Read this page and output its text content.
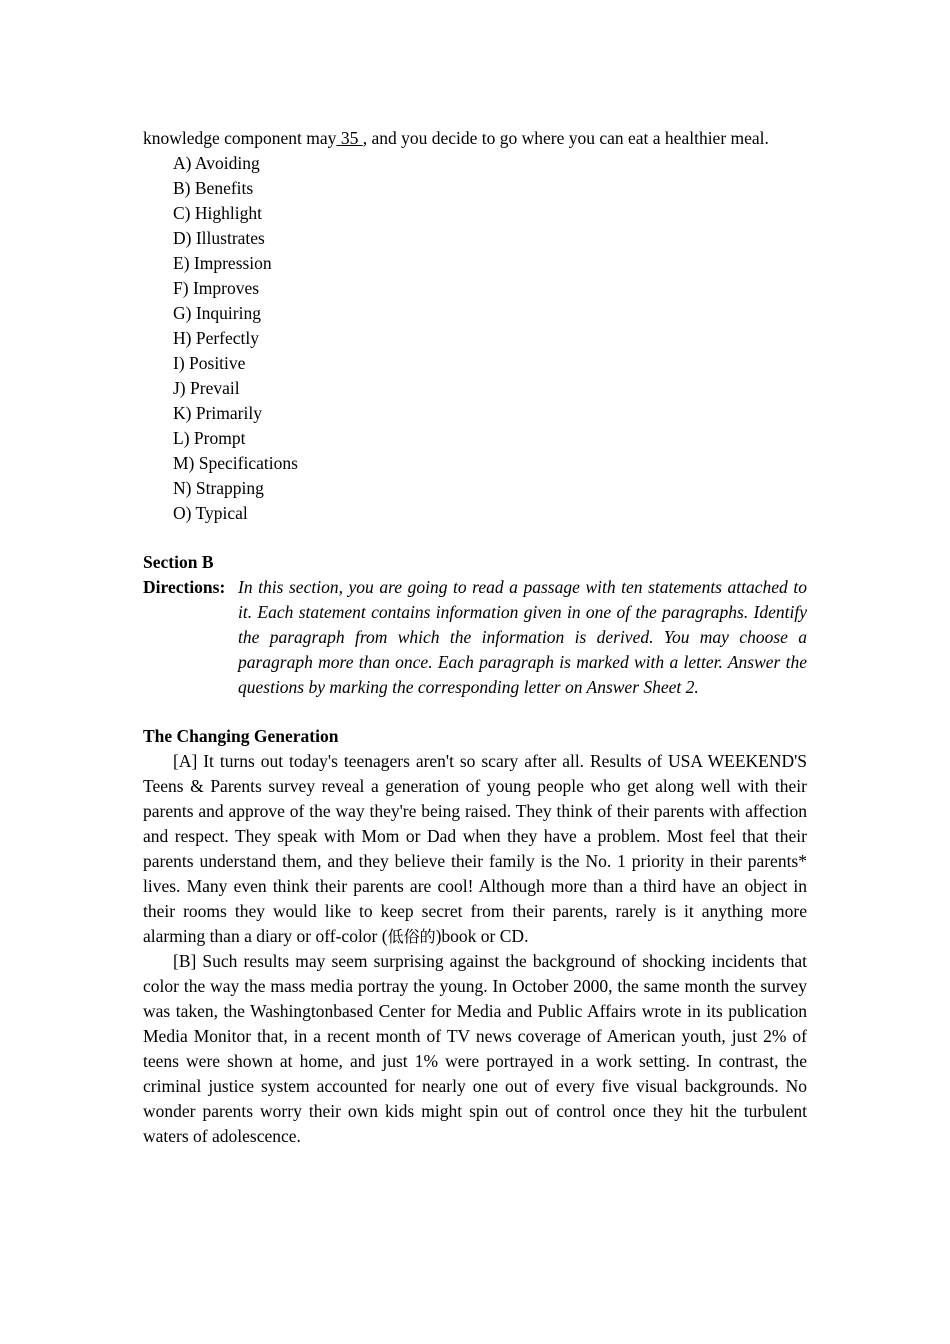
knowledge component may 35 , and you decide to go where you can eat a healthier meal.

A) Avoiding
B) Benefits
C) Highlight
D) Illustrates
E) Impression
F) Improves
G) Inquiring
H) Perfectly
I) Positive
J) Prevail
K) Primarily
L) Prompt
M) Specifications
N) Strapping
O) Typical
Section B
Directions: In this section, you are going to read a passage with ten statements attached to it. Each statement contains information given in one of the paragraphs. Identify the paragraph from which the information is derived. You may choose a paragraph more than once. Each paragraph is marked with a letter. Answer the questions by marking the corresponding letter on Answer Sheet 2.

The Changing Generation

[A] It turns out today's teenagers aren't so scary after all. Results of USA WEEKEND'S Teens & Parents survey reveal a generation of young people who get along well with their parents and approve of the way they're being raised. They think of their parents with affection and respect. They speak with Mom or Dad when they have a problem. Most feel that their parents understand them, and they believe their family is the No. 1 priority in their parents* lives. Many even think their parents are cool! Although more than a third have an object in their rooms they would like to keep secret from their parents, rarely is it anything more alarming than a diary or off-color (低俗的)book or CD.

[B] Such results may seem surprising against the background of shocking incidents that color the way the mass media portray the young. In October 2000, the same month the survey was taken, the Washingtonbased Center for Media and Public Affairs wrote in its publication Media Monitor that, in a recent month of TV news coverage of American youth, just 2% of teens were shown at home, and just 1% were portrayed in a work setting. In contrast, the criminal justice system accounted for nearly one out of every five visual backgrounds. No wonder parents worry their own kids might spin out of control once they hit the turbulent waters of adolescence.
